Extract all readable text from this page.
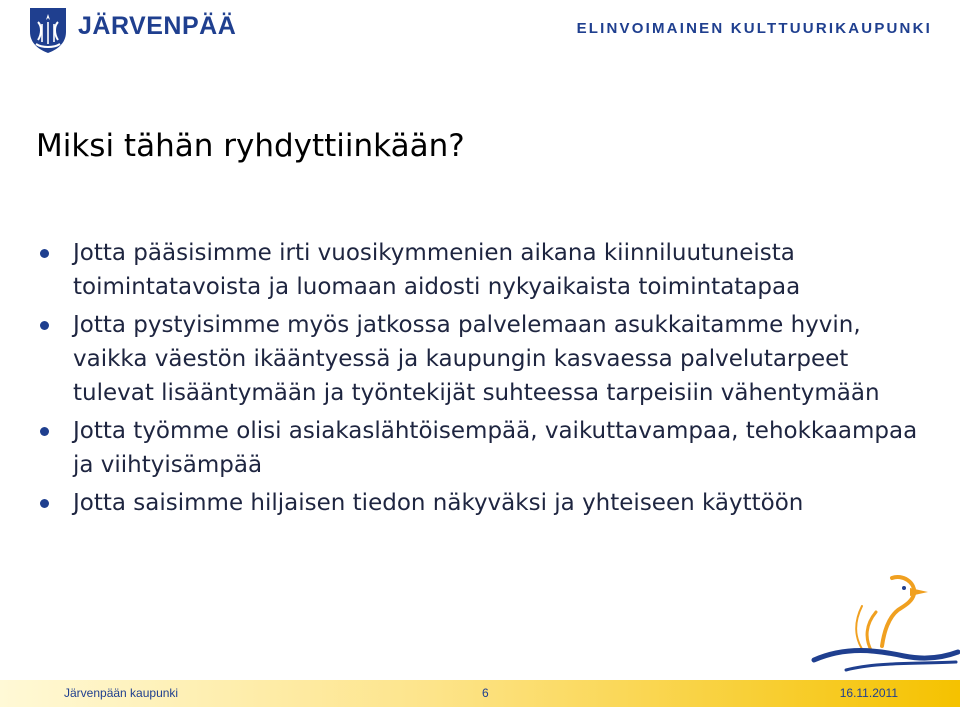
JÄRVENPÄÄ	ELINVOIMAINEN KULTTUURIKAUPUNKI
Miksi tähän ryhdyttiinkään?
Jotta pääsisimme irti vuosikymmenien aikana kiinniluutuneista toimintatavoista ja luomaan aidosti nykyaikaista toimintatapaa
Jotta pystyisimme myös jatkossa palvelemaan asukkaitamme hyvin, vaikka väestön ikääntyessä ja kaupungin kasvaessa palvelutarpeet tulevat lisääntymään ja työntekijät suhteessa tarpeisiin vähentymään
Jotta työmme olisi asiakaslähtöisempää, vaikuttavampaa, tehokkaampaa ja viihtyisämpää
Jotta saisimme hiljaisen tiedon näkyväksi ja yhteiseen käyttöön
Järvenpään kaupunki	6	16.11.2011
